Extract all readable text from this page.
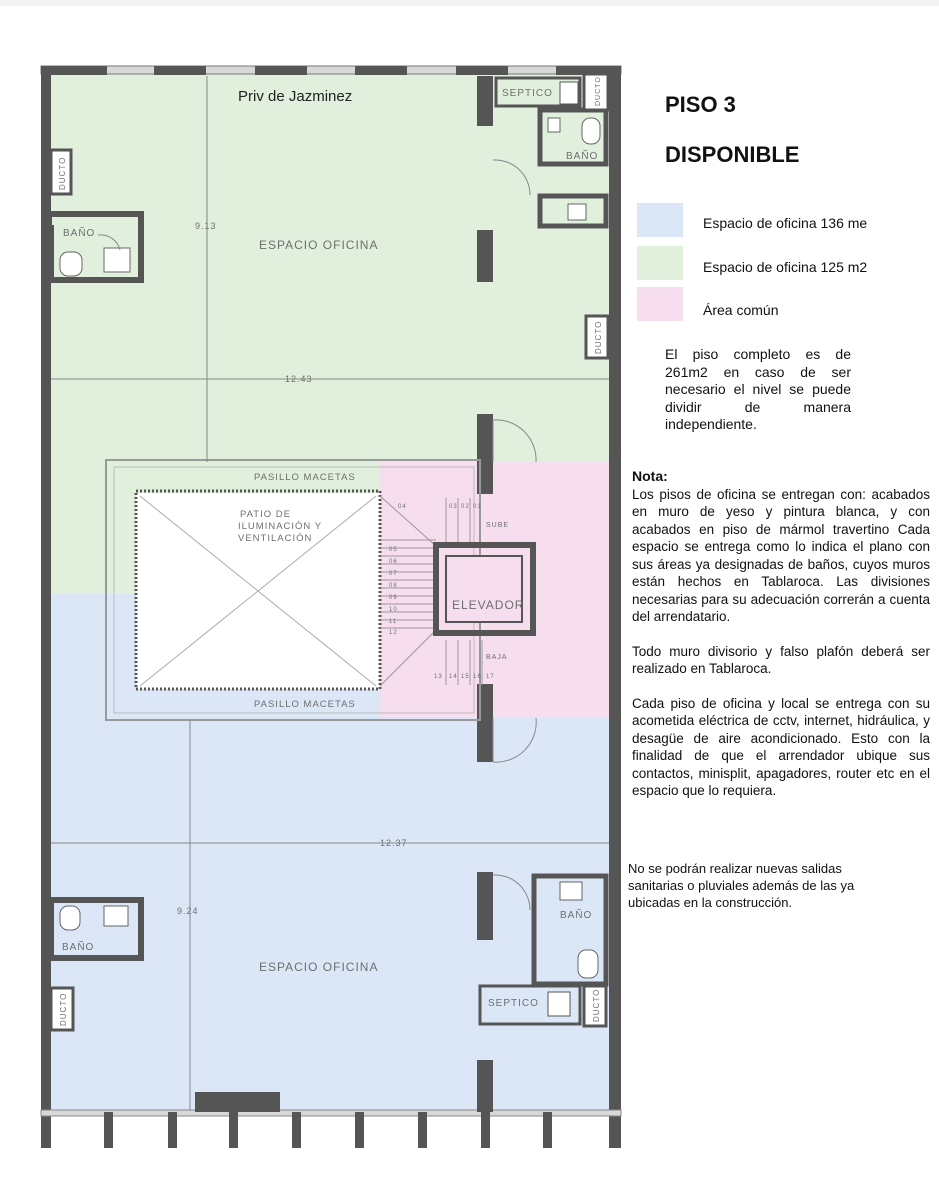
ESPACIO OFICINA
9.13
12.43
ESPACIO OFICINA
9.24
12.37
PASILLO MACETAS
PASILLO MACETAS
PATIO DE
ILUMINACIÓN Y
VENTILACIÓN
ELEVADOR
SUBE
BAJA
04	03 02 01
05
06
07
08
09
10
11
12
13 14 15 16 17
BAÑO
BAÑO
BAÑO
BAÑO
SEPTICO
SEPTICO
DUCTO
DUCTO
DUCTO
DUCTO	DUCTO
Priv de Jazminez	PISO 3
DISPONIBLE
Espacio de oficina 136 me
Espacio de oficina 125 m2
Área común
El piso completo es de 261m2 en caso de ser necesario el nivel se puede dividir de manera independiente.
Nota:

Los pisos de oficina se entregan con: acabados en muro de yeso y pintura blanca, y con acabados en piso de mármol travertino Cada espacio se entrega como lo indica el plano con sus áreas ya designadas de baños, cuyos muros están hechos en Tablaroca. Las divisiones necesarias para su adecuación correrán a cuenta del arrendatario.

Todo muro divisorio y falso plafón deberá ser realizado en Tablaroca.

Cada piso de oficina y local se entrega con su acometida eléctrica de cctv, internet, hidráulica, y desagüe de aire acondicionado. Esto con la finalidad de que el arrendador ubique sus contactos, minisplit, apagadores, router etc en el espacio que lo requiera.

No se podrán realizar nuevas salidas sanitarias o pluviales además de las ya ubicadas en la construcción.
